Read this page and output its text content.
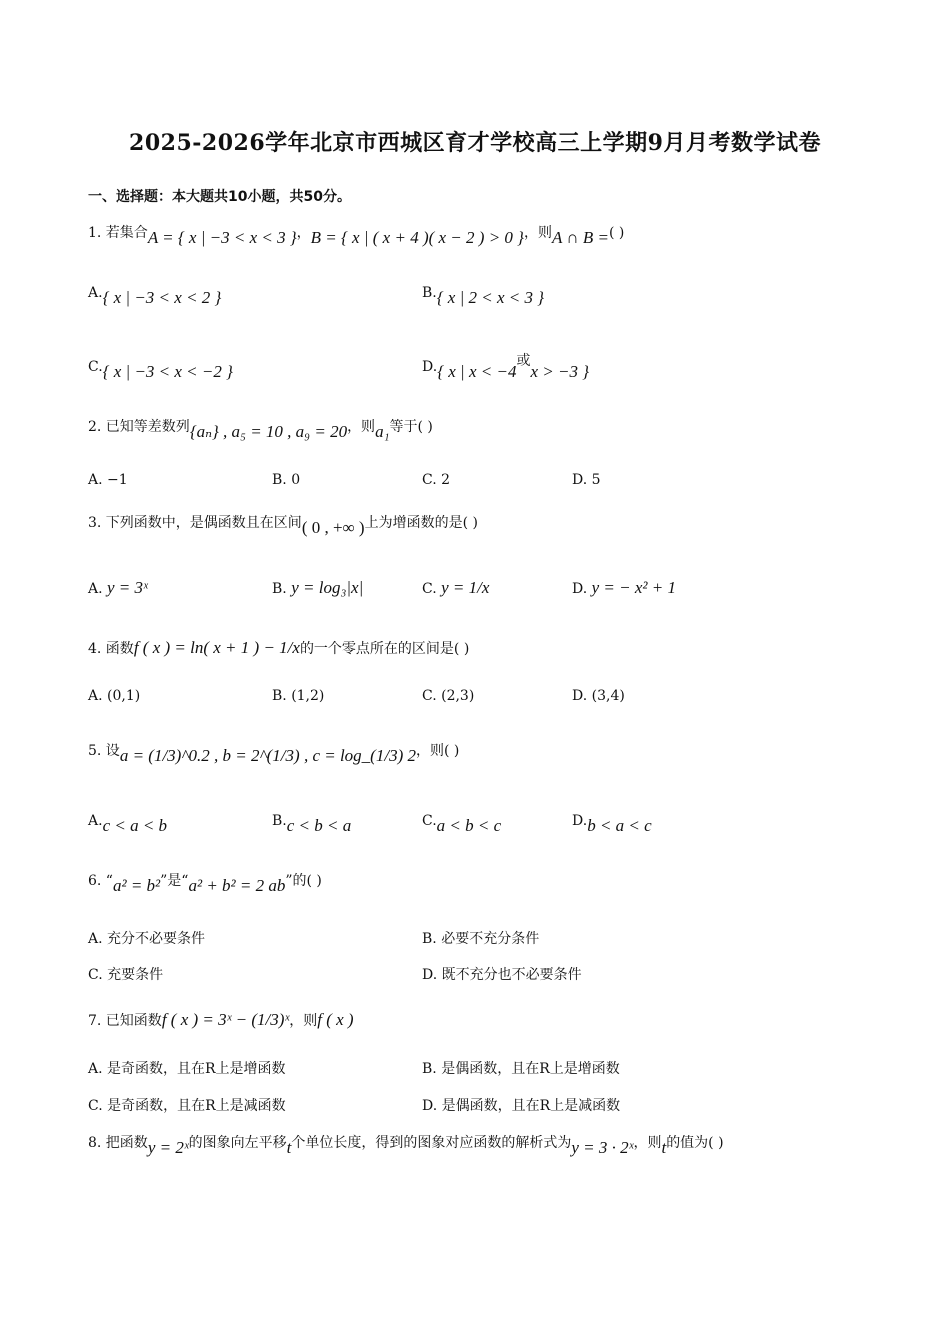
2025-2026学年北京市西城区育才学校高三上学期9月月考数学试卷
一、选择题：本大题共10小题，共50分。
1. 若集合A = { x | −3 < x < 3 }，B = { x | ( x + 4 )( x − 2 ) > 0 }，则A ∩ B =( )
A.{ x | −3 < x < 2 }	B.{ x | 2 < x < 3 }
C.{ x | −3 < x < −2 }	D.{ x | x < −4或x > −3 }
2. 已知等差数列{aₙ} , a₅ = 10 , a₉ = 20，则a₁等于( )
A. −1	B. 0	C. 2	D. 5
3. 下列函数中，是偶函数且在区间( 0 , +∞ )上为增函数的是( )
A. y = 3ˣ	B. y = log₃|x|	C. y = 1/x	D. y = − x² + 1
4. 函数f ( x ) = ln( x + 1 ) − 1/x的一个零点所在的区间是( )
A. (0,1)	B. (1,2)	C. (2,3)	D. (3,4)
5. 设a = (1/3)^0.2 , b = 2^(1/3) , c = log_(1/3) 2，则( )
A.c < a < b	B.c < b < a	C.a < b < c	D.b < a < c
6. “a² = b²”是“a² + b² = 2 ab”的( )
A. 充分不必要条件	B. 必要不充分条件
C. 充要条件	D. 既不充分也不必要条件
7. 已知函数f ( x ) = 3ˣ − (1/3)ˣ，则f ( x )
A. 是奇函数，且在R上是增函数	B. 是偶函数，且在R上是增函数
C. 是奇函数，且在R上是减函数	D. 是偶函数，且在R上是减函数
8. 把函数y = 2ˣ的图象向左平移t个单位长度，得到的图象对应函数的解析式为y = 3 · 2ˣ，则t的值为( )
